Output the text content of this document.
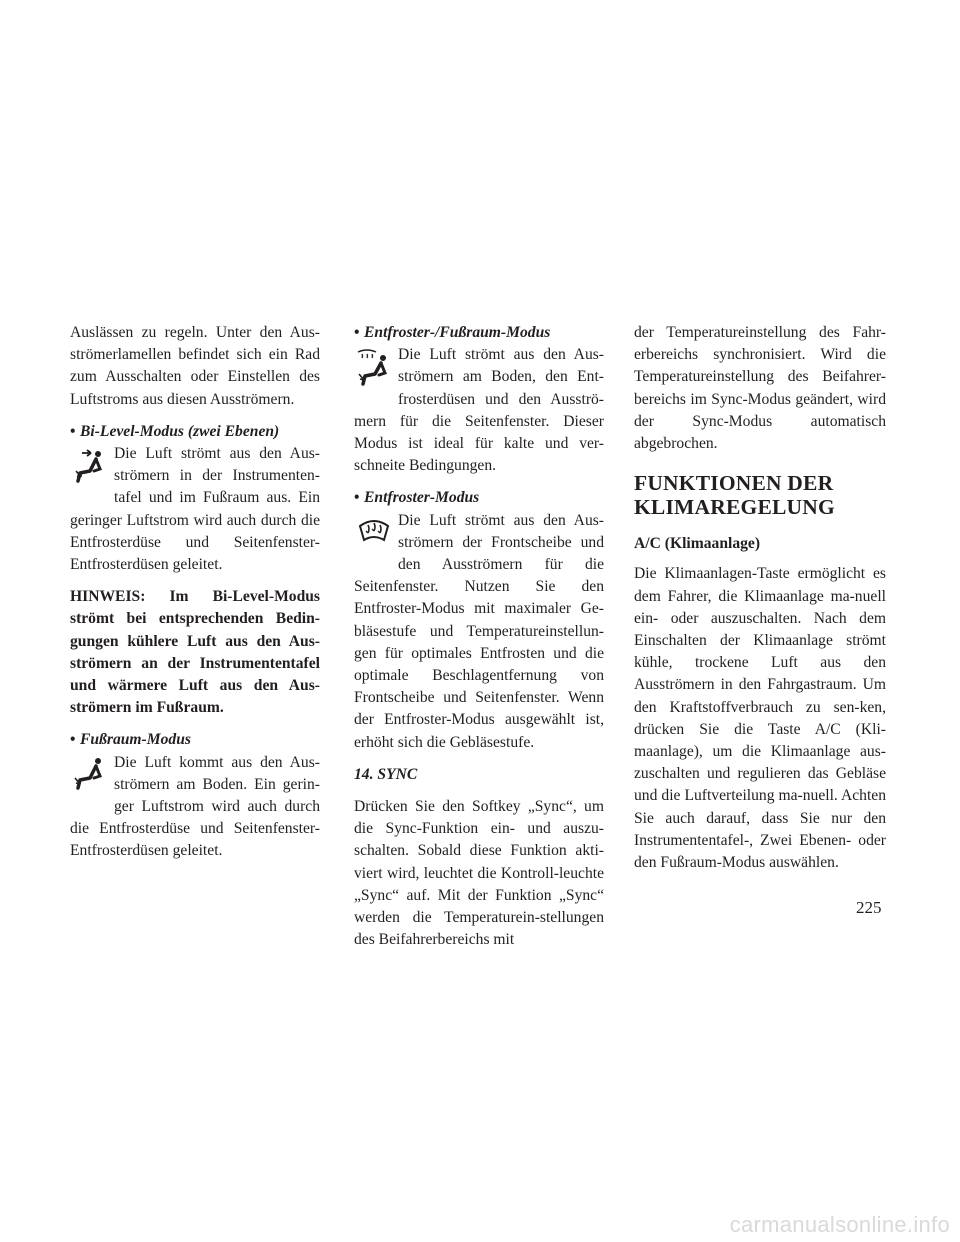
Auslässen zu regeln. Unter den Aus-strömerlamellen befindet sich ein Rad zum Ausschalten oder Einstellen des Luftstroms aus diesen Ausströmern.

• Bi-Level-Modus (zwei Ebenen)
Die Luft strömt aus den Aus-strömern in der Instrumenten-tafel und im Fußraum aus. Ein geringer Luftstrom wird auch durch die Entfrosterdüse und Seitenfenster-Entfrosterdüsen geleitet.

HINWEIS: Im Bi-Level-Modus strömt bei entsprechenden Bedin-gungen kühlere Luft aus den Aus-strömern an der Instrumententafel und wärmere Luft aus den Aus-strömern im Fußraum.

• Fußraum-Modus
Die Luft kommt aus den Aus-strömern am Boden. Ein gerin-ger Luftstrom wird auch durch die Entfrosterdüse und Seitenfenster-Entfrosterdüsen geleitet.
• Entfroster-/Fußraum-Modus
Die Luft strömt aus den Aus-strömern am Boden, den Ent-frosterdüsen und den Ausströ-mern für die Seitenfenster. Dieser Modus ist ideal für kalte und ver-schneite Bedingungen.
• Entfroster-Modus
Die Luft strömt aus den Aus-strömern der Frontscheibe und den Ausströmern für die Seitenfenster. Nutzen Sie den Entfroster-Modus mit maximaler Ge-bläsestufe und Temperatureinstellun-gen für optimales Entfrosten und die optimale Beschlagentfernung von Frontscheibe und Seitenfenster. Wenn der Entfroster-Modus ausgewählt ist, erhöht sich die Gebläsestufe.
14. SYNC

Drücken Sie den Softkey „Sync“, um die Sync-Funktion ein- und auszu-schalten. Sobald diese Funktion akti-viert wird, leuchtet die Kontroll-leuchte „Sync“ auf. Mit der Funktion „Sync“ werden die Temperaturein-stellungen des Beifahrerbereichs mit

der Temperatureinstellung des Fahr-erbereichs synchronisiert. Wird die Temperatureinstellung des Beifahrer-bereichs im Sync-Modus geändert, wird der Sync-Modus automatisch abgebrochen.

FUNKTIONEN DER KLIMAREGELUNG
A/C (Klimaanlage)

Die Klimaanlagen-Taste ermöglicht es dem Fahrer, die Klimaanlage ma-nuell ein- oder auszuschalten. Nach dem Einschalten der Klimaanlage strömt kühle, trockene Luft aus den Ausströmern in den Fahrgastraum. Um den Kraftstoffverbrauch zu sen-ken, drücken Sie die Taste A/C (Kli-maanlage), um die Klimaanlage aus-zuschalten und regulieren das Gebläse und die Luftverteilung ma-nuell. Achten Sie auch darauf, dass Sie nur den Instrumententafel-, Zwei Ebenen- oder den Fußraum-Modus auswählen.

225
carmanualsonline.info
